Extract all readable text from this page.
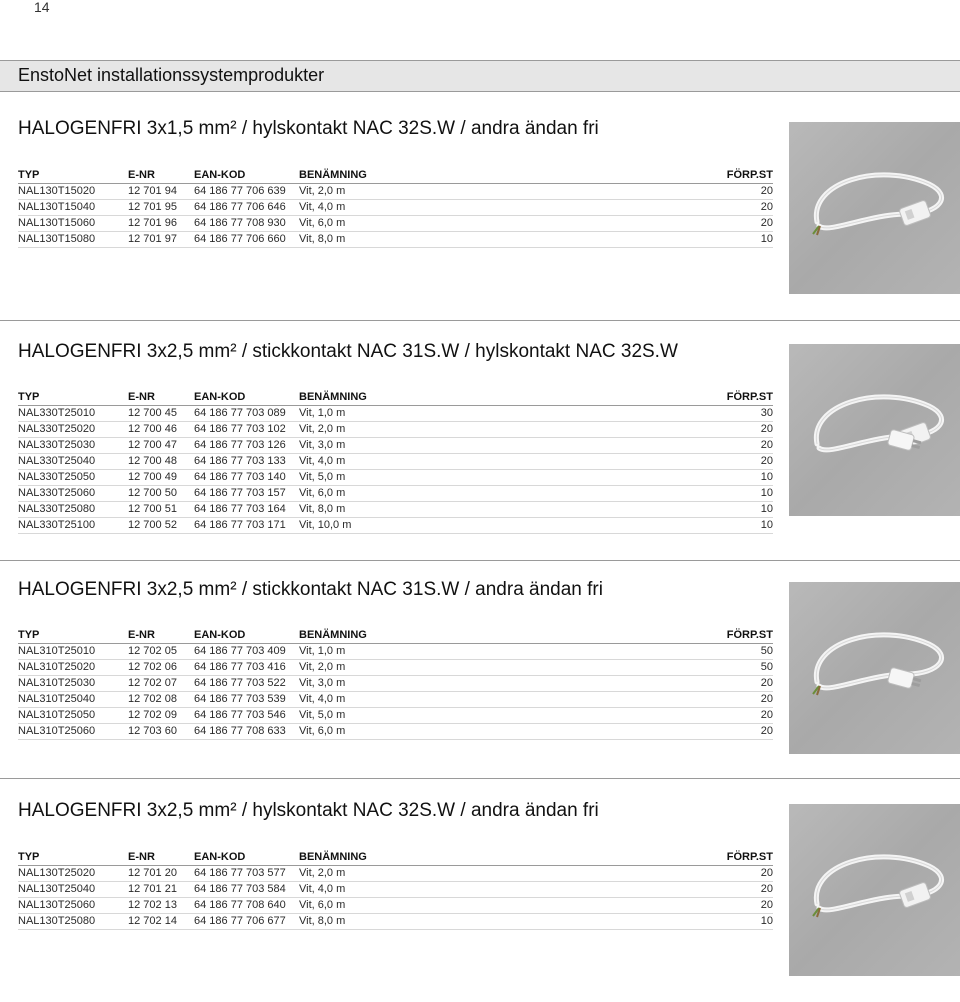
14
EnstoNet installationssystemprodukter
HALOGENFRI 3x1,5 mm² / hylskontakt NAC 32S.W / andra ändan fri
TYP	E-NR	EAN-KOD	BENÄMNING	FÖRP.ST
NAL130T15020	12 701 94	64 186 77 706 639	Vit, 2,0 m	20
NAL130T15040	12 701 95	64 186 77 706 646	Vit, 4,0 m	20
NAL130T15060	12 701 96	64 186 77 708 930	Vit, 6,0 m	20
NAL130T15080	12 701 97	64 186 77 706 660	Vit, 8,0 m	10
HALOGENFRI 3x2,5 mm² / stickkontakt NAC 31S.W / hylskontakt NAC 32S.W
TYP	E-NR	EAN-KOD	BENÄMNING	FÖRP.ST
NAL330T25010	12 700 45	64 186 77 703 089	Vit, 1,0 m	30
NAL330T25020	12 700 46	64 186 77 703 102	Vit, 2,0 m	20
NAL330T25030	12 700 47	64 186 77 703 126	Vit, 3,0 m	20
NAL330T25040	12 700 48	64 186 77 703 133	Vit, 4,0 m	20
NAL330T25050	12 700 49	64 186 77 703 140	Vit, 5,0 m	10
NAL330T25060	12 700 50	64 186 77 703 157	Vit, 6,0 m	10
NAL330T25080	12 700 51	64 186 77 703 164	Vit, 8,0 m	10
NAL330T25100	12 700 52	64 186 77 703 171	Vit, 10,0 m	10
HALOGENFRI 3x2,5 mm² / stickkontakt NAC 31S.W / andra ändan fri
TYP	E-NR	EAN-KOD	BENÄMNING	FÖRP.ST
NAL310T25010	12 702 05	64 186 77 703 409	Vit, 1,0 m	50
NAL310T25020	12 702 06	64 186 77 703 416	Vit, 2,0 m	50
NAL310T25030	12 702 07	64 186 77 703 522	Vit, 3,0 m	20
NAL310T25040	12 702 08	64 186 77 703 539	Vit, 4,0 m	20
NAL310T25050	12 702 09	64 186 77 703 546	Vit, 5,0 m	20
NAL310T25060	12 703 60	64 186 77 708 633	Vit, 6,0 m	20
HALOGENFRI 3x2,5 mm² / hylskontakt NAC 32S.W / andra ändan fri
TYP	E-NR	EAN-KOD	BENÄMNING	FÖRP.ST
NAL130T25020	12 701 20	64 186 77 703 577	Vit, 2,0 m	20
NAL130T25040	12 701 21	64 186 77 703 584	Vit, 4,0 m	20
NAL130T25060	12 702 13	64 186 77 708 640	Vit, 6,0 m	20
NAL130T25080	12 702 14	64 186 77 706 677	Vit, 8,0 m	10
